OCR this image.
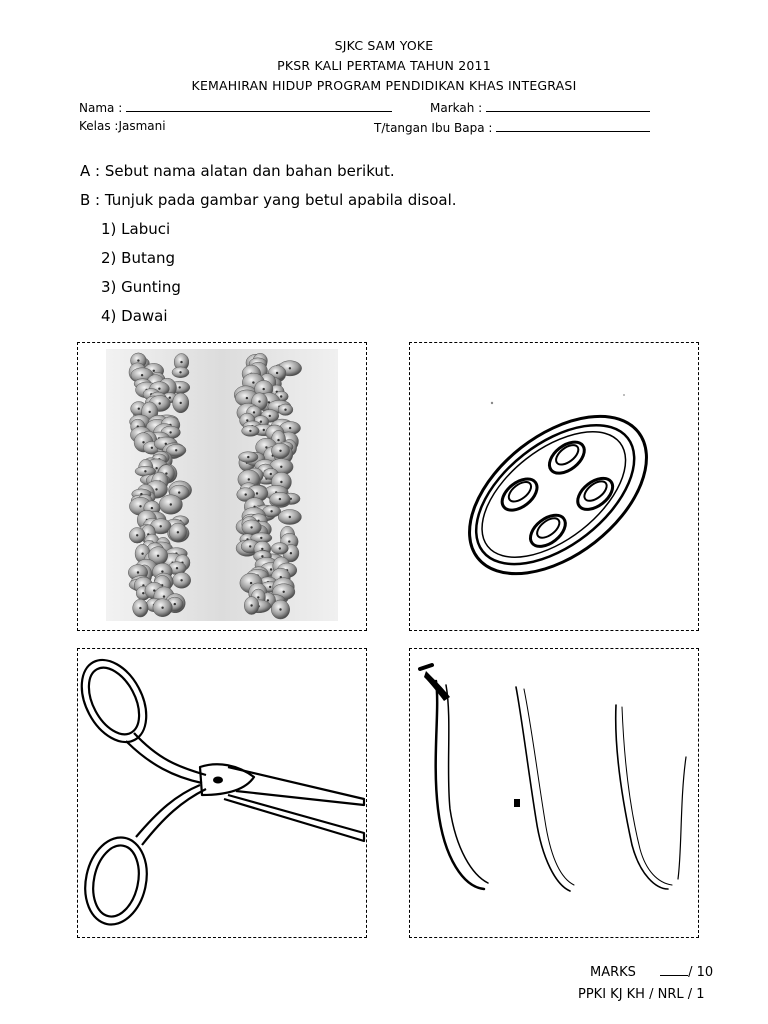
SJKC SAM YOKE
PKSR KALI PERTAMA TAHUN 2011
KEMAHIRAN HIDUP PROGRAM PENDIDIKAN KHAS INTEGRASI
Nama :	Markah :
Kelas :Jasmani	T/tangan Ibu Bapa :
A : Sebut nama alatan dan bahan berikut.
B : Tunjuk pada gambar yang betul apabila disoal.
1) Labuci
2) Butang
3) Gunting
4) Dawai
MARKS	/ 10
PPKI KJ KH / NRL / 1
